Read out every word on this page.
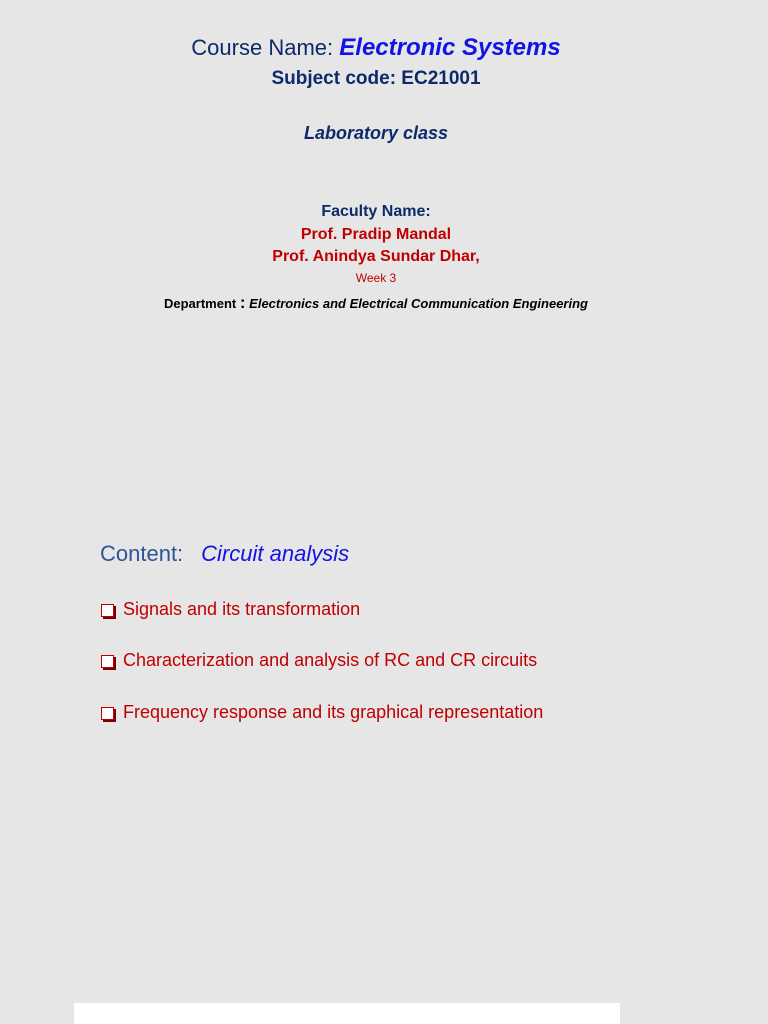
Course Name: Electronic Systems
Subject code: EC21001
Laboratory class
Faculty Name:
Prof. Pradip Mandal
Prof. Anindya Sundar Dhar,
Week 3
Department : Electronics and Electrical Communication Engineering
Content: Circuit analysis
Signals and its transformation
Characterization and analysis of RC and CR circuits
Frequency response and its graphical representation
